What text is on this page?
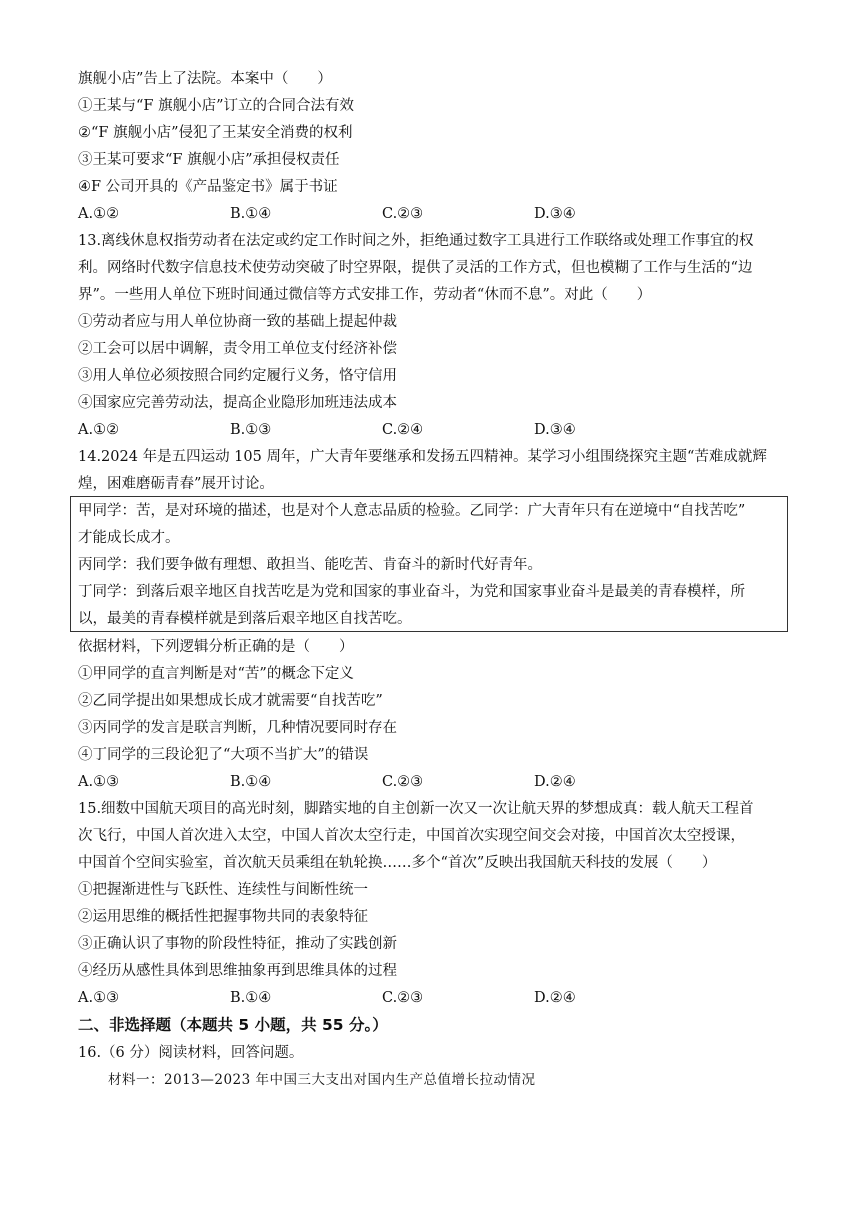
旗舰小店”告上了法院。本案中（　　）
①王某与“F 旗舰小店”订立的合同合法有效
②“F 旗舰小店”侵犯了王某安全消费的权利
③王某可要求“F 旗舰小店”承担侵权责任
④F 公司开具的《产品鉴定书》属于书证
A.①②	B.①④	C.②③	D.③④
13.离线休息权指劳动者在法定或约定工作时间之外，拒绝通过数字工具进行工作联络或处理工作事宜的权
利。网络时代数字信息技术使劳动突破了时空界限，提供了灵活的工作方式，但也模糊了工作与生活的“边
界”。一些用人单位下班时间通过微信等方式安排工作，劳动者“休而不息”。对此（　　）
①劳动者应与用人单位协商一致的基础上提起仲裁
②工会可以居中调解，责令用工单位支付经济补偿
③用人单位必须按照合同约定履行义务，恪守信用
④国家应完善劳动法，提高企业隐形加班违法成本
A.①②	B.①③	C.②④	D.③④
14.2024 年是五四运动 105 周年，广大青年要继承和发扬五四精神。某学习小组围绕探究主题“苦难成就辉
煌，困难磨砺青春”展开讨论。
甲同学：苦，是对环境的描述，也是对个人意志品质的检验。乙同学：广大青年只有在逆境中“自找苦吃”
才能成长成才。
丙同学：我们要争做有理想、敢担当、能吃苦、肯奋斗的新时代好青年。
丁同学：到落后艰辛地区自找苦吃是为党和国家的事业奋斗，为党和国家事业奋斗是最美的青春模样，所
以，最美的青春模样就是到落后艰辛地区自找苦吃。
依据材料，下列逻辑分析正确的是（　　）
①甲同学的直言判断是对“苦”的概念下定义
②乙同学提出如果想成长成才就需要“自找苦吃”
③丙同学的发言是联言判断，几种情况要同时存在
④丁同学的三段论犯了“大项不当扩大”的错误
A.①③	B.①④	C.②③	D.②④
15.细数中国航天项目的高光时刻，脚踏实地的自主创新一次又一次让航天界的梦想成真：载人航天工程首
次飞行，中国人首次进入太空，中国人首次太空行走，中国首次实现空间交会对接，中国首次太空授课，
中国首个空间实验室，首次航天员乘组在轨轮换……多个“首次”反映出我国航天科技的发展（　　）
①把握渐进性与飞跃性、连续性与间断性统一
②运用思维的概括性把握事物共同的表象特征
③正确认识了事物的阶段性特征，推动了实践创新
④经历从感性具体到思维抽象再到思维具体的过程
A.①③	B.①④	C.②③	D.②④
二、非选择题（本题共 5 小题，共 55 分。）
16.（6 分）阅读材料，回答问题。
材料一：2013—2023 年中国三大支出对国内生产总值增长拉动情况
